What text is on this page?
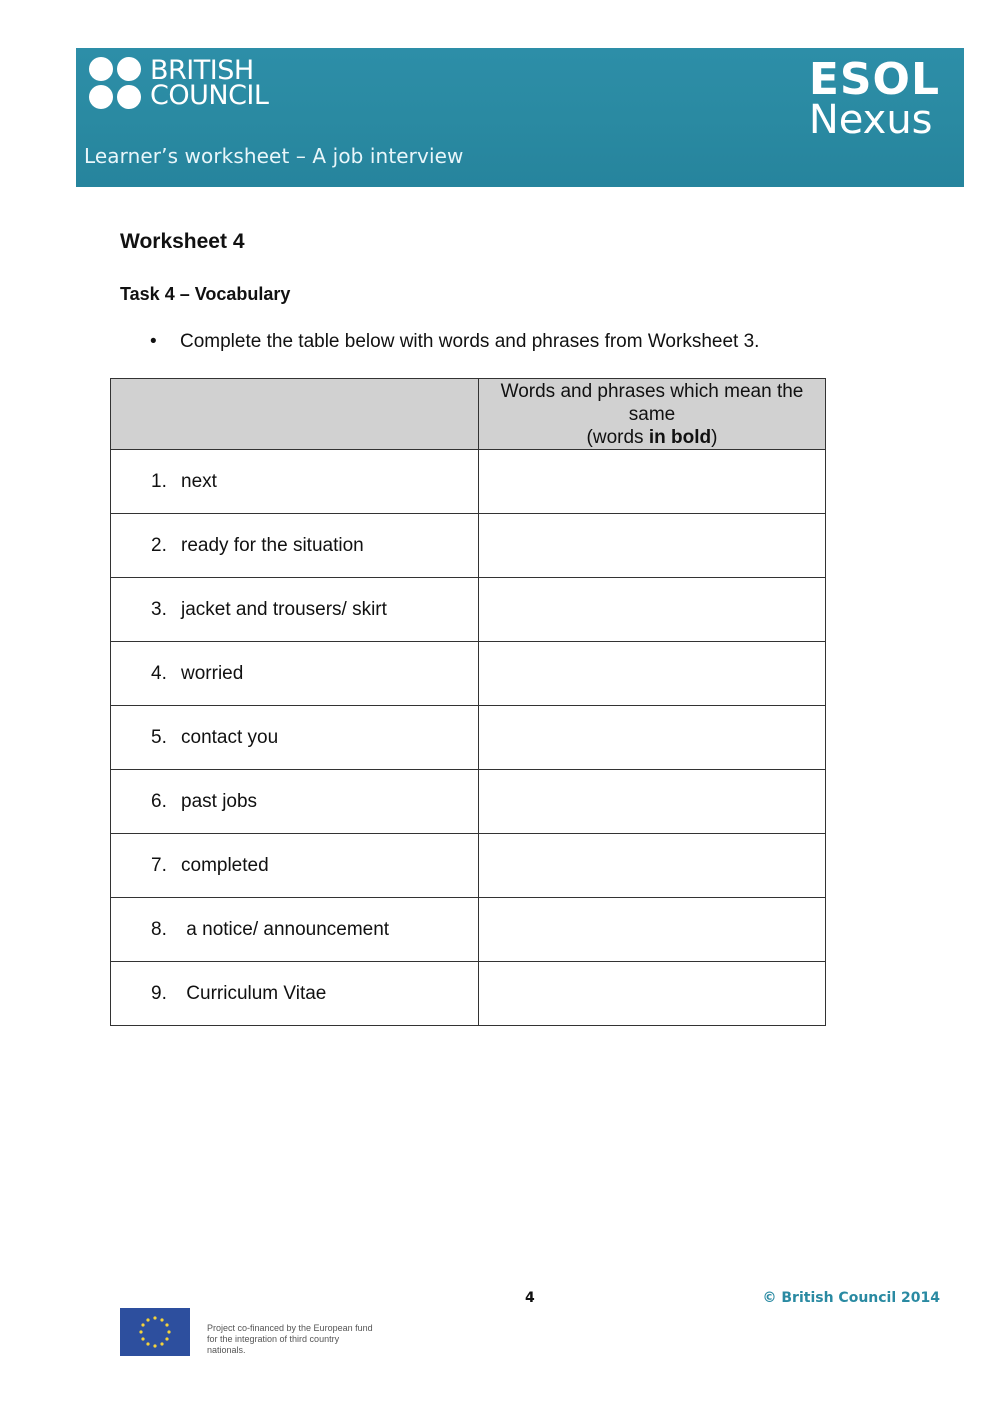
BRITISH
COUNCIL
Learner’s worksheet – A job interview
ESOL
Nexus
Worksheet 4
Task 4 – Vocabulary
• Complete the table below with words and phrases from Worksheet 3.
	Words and phrases which mean the
same
(words in bold)
1. next	
2. ready for the situation	
3. jacket and trousers/ skirt	
4. worried	
5. contact you	
6. past jobs	
7. completed	
8. a notice/ announcement	
9. Curriculum Vitae	
4	© British Council 2014
Project co-financed by the European fund for the integration of third country nationals.
